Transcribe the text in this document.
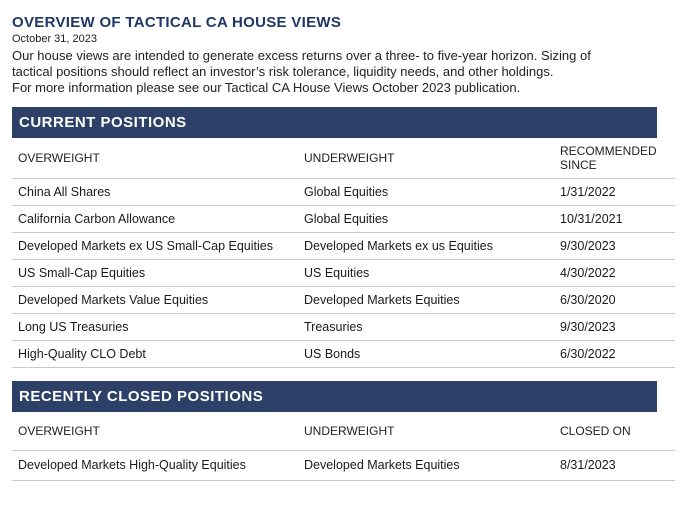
OVERVIEW OF TACTICAL CA HOUSE VIEWS
October 31, 2023
Our house views are intended to generate excess returns over a three- to five-year horizon. Sizing of
tactical positions should reflect an investor’s risk tolerance, liquidity needs, and other holdings.
For more information please see our Tactical CA House Views October 2023 publication.
CURRENT POSITIONS
OVERWEIGHT	UNDERWEIGHT	RECOMMENDED SINCE
China All Shares	Global Equities	1/31/2022
California Carbon Allowance	Global Equities	10/31/2021
Developed Markets ex US Small-Cap Equities	Developed Markets ex us Equities	9/30/2023
US Small-Cap Equities	US Equities	4/30/2022
Developed Markets Value Equities	Developed Markets Equities	6/30/2020
Long US Treasuries	Treasuries	9/30/2023
High-Quality CLO Debt	US Bonds	6/30/2022
RECENTLY CLOSED POSITIONS
OVERWEIGHT	UNDERWEIGHT	CLOSED ON
Developed Markets High-Quality Equities	Developed Markets Equities	8/31/2023
